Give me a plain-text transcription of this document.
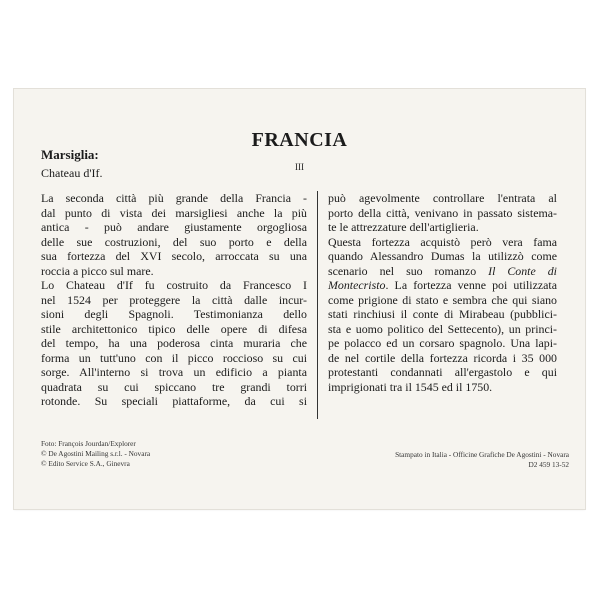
FRANCIA
III
Marsiglia:
Chateau d'If.
La seconda città più grande della Francia -
dal punto di vista dei marsigliesi anche la più
antica - può andare giustamente orgogliosa
delle sue costruzioni, del suo porto e della
sua fortezza del XVI secolo, arroccata su una
roccia a picco sul mare.
Lo Chateau d'If fu costruito da Francesco I
nel 1524 per proteggere la città dalle incur-
sioni degli Spagnoli. Testimonianza dello
stile architettonico tipico delle opere di difesa
del tempo, ha una poderosa cinta muraria che
forma un tutt'uno con il picco roccioso su cui
sorge. All'interno si trova un edificio a pianta
quadrata su cui spiccano tre grandi torri
rotonde. Su speciali piattaforme, da cui si
può agevolmente controllare l'entrata al
porto della città, venivano in passato sistema-
te le attrezzature dell'artiglieria.
Questa fortezza acquistò però vera fama
quando Alessandro Dumas la utilizzò come
scenario nel suo romanzo Il Conte di
Montecristo. La fortezza venne poi utilizzata
come prigione di stato e sembra che qui siano
stati rinchiusi il conte di Mirabeau (pubblici-
sta e uomo politico del Settecento), un princi-
pe polacco ed un corsaro spagnolo. Una lapi-
de nel cortile della fortezza ricorda i 35 000
protestanti condannati all'ergastolo e qui
imprigionati tra il 1545 ed il 1750.
Foto: François Jourdan/Explorer
© De Agostini Mailing s.r.l. - Novara
© Edito Service S.A., Ginevra
Stampato in Italia - Officine Grafiche De Agostini - Novara
D2 459 13-52
